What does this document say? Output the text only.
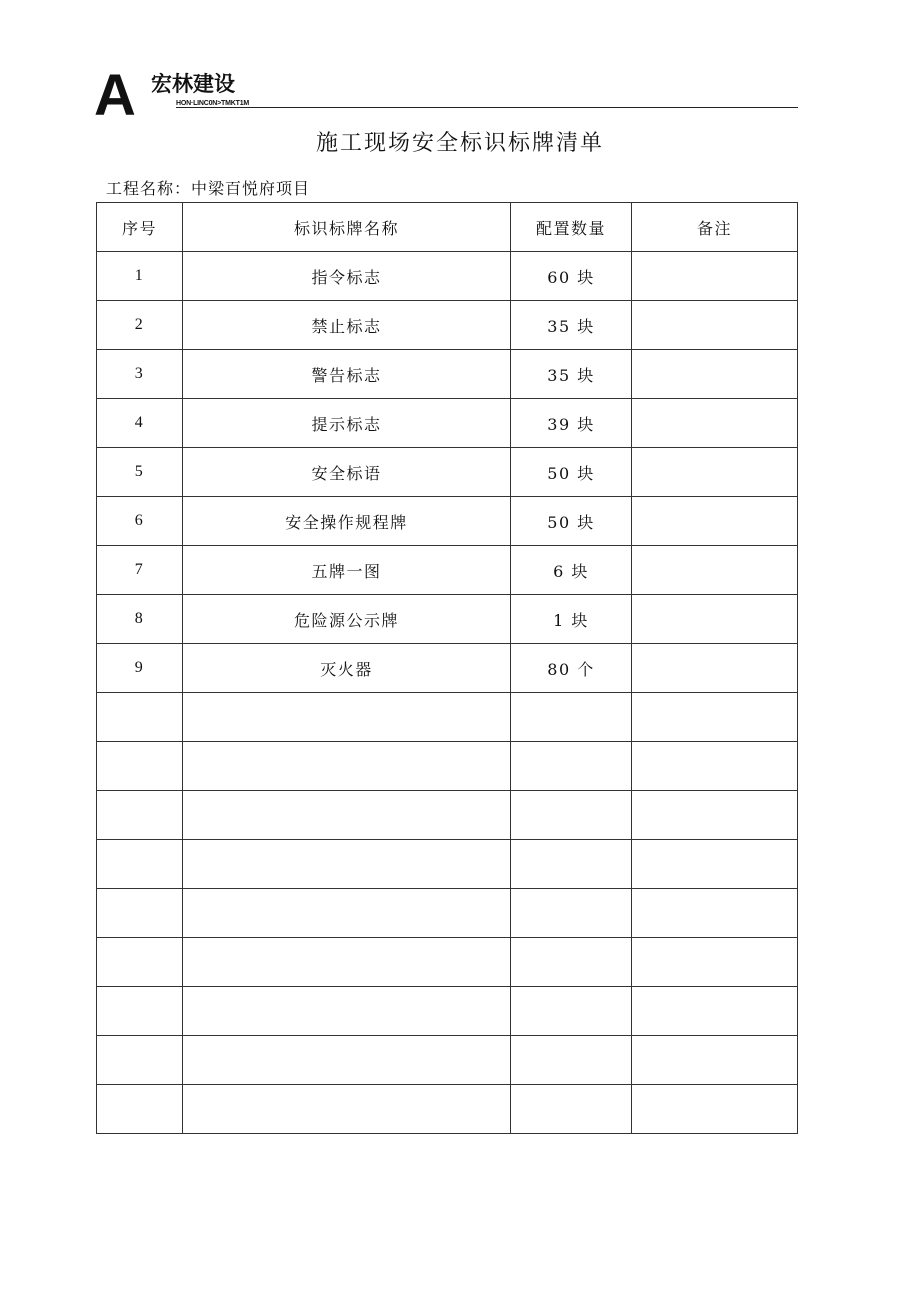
A 宏林建设
HON·LINC0N>TMKT1M
施工现场安全标识标牌清单
工程名称：中梁百悦府项目
序号	标识标牌名称	配置数量	备注
1	指令标志	60 块	
2	禁止标志	35 块	
3	警告标志	35 块	
4	提示标志	39 块	
5	安全标语	50 块	
6	安全操作规程牌	50 块	
7	五牌一图	6 块	
8	危险源公示牌	1 块	
9	灭火器	80 个	
